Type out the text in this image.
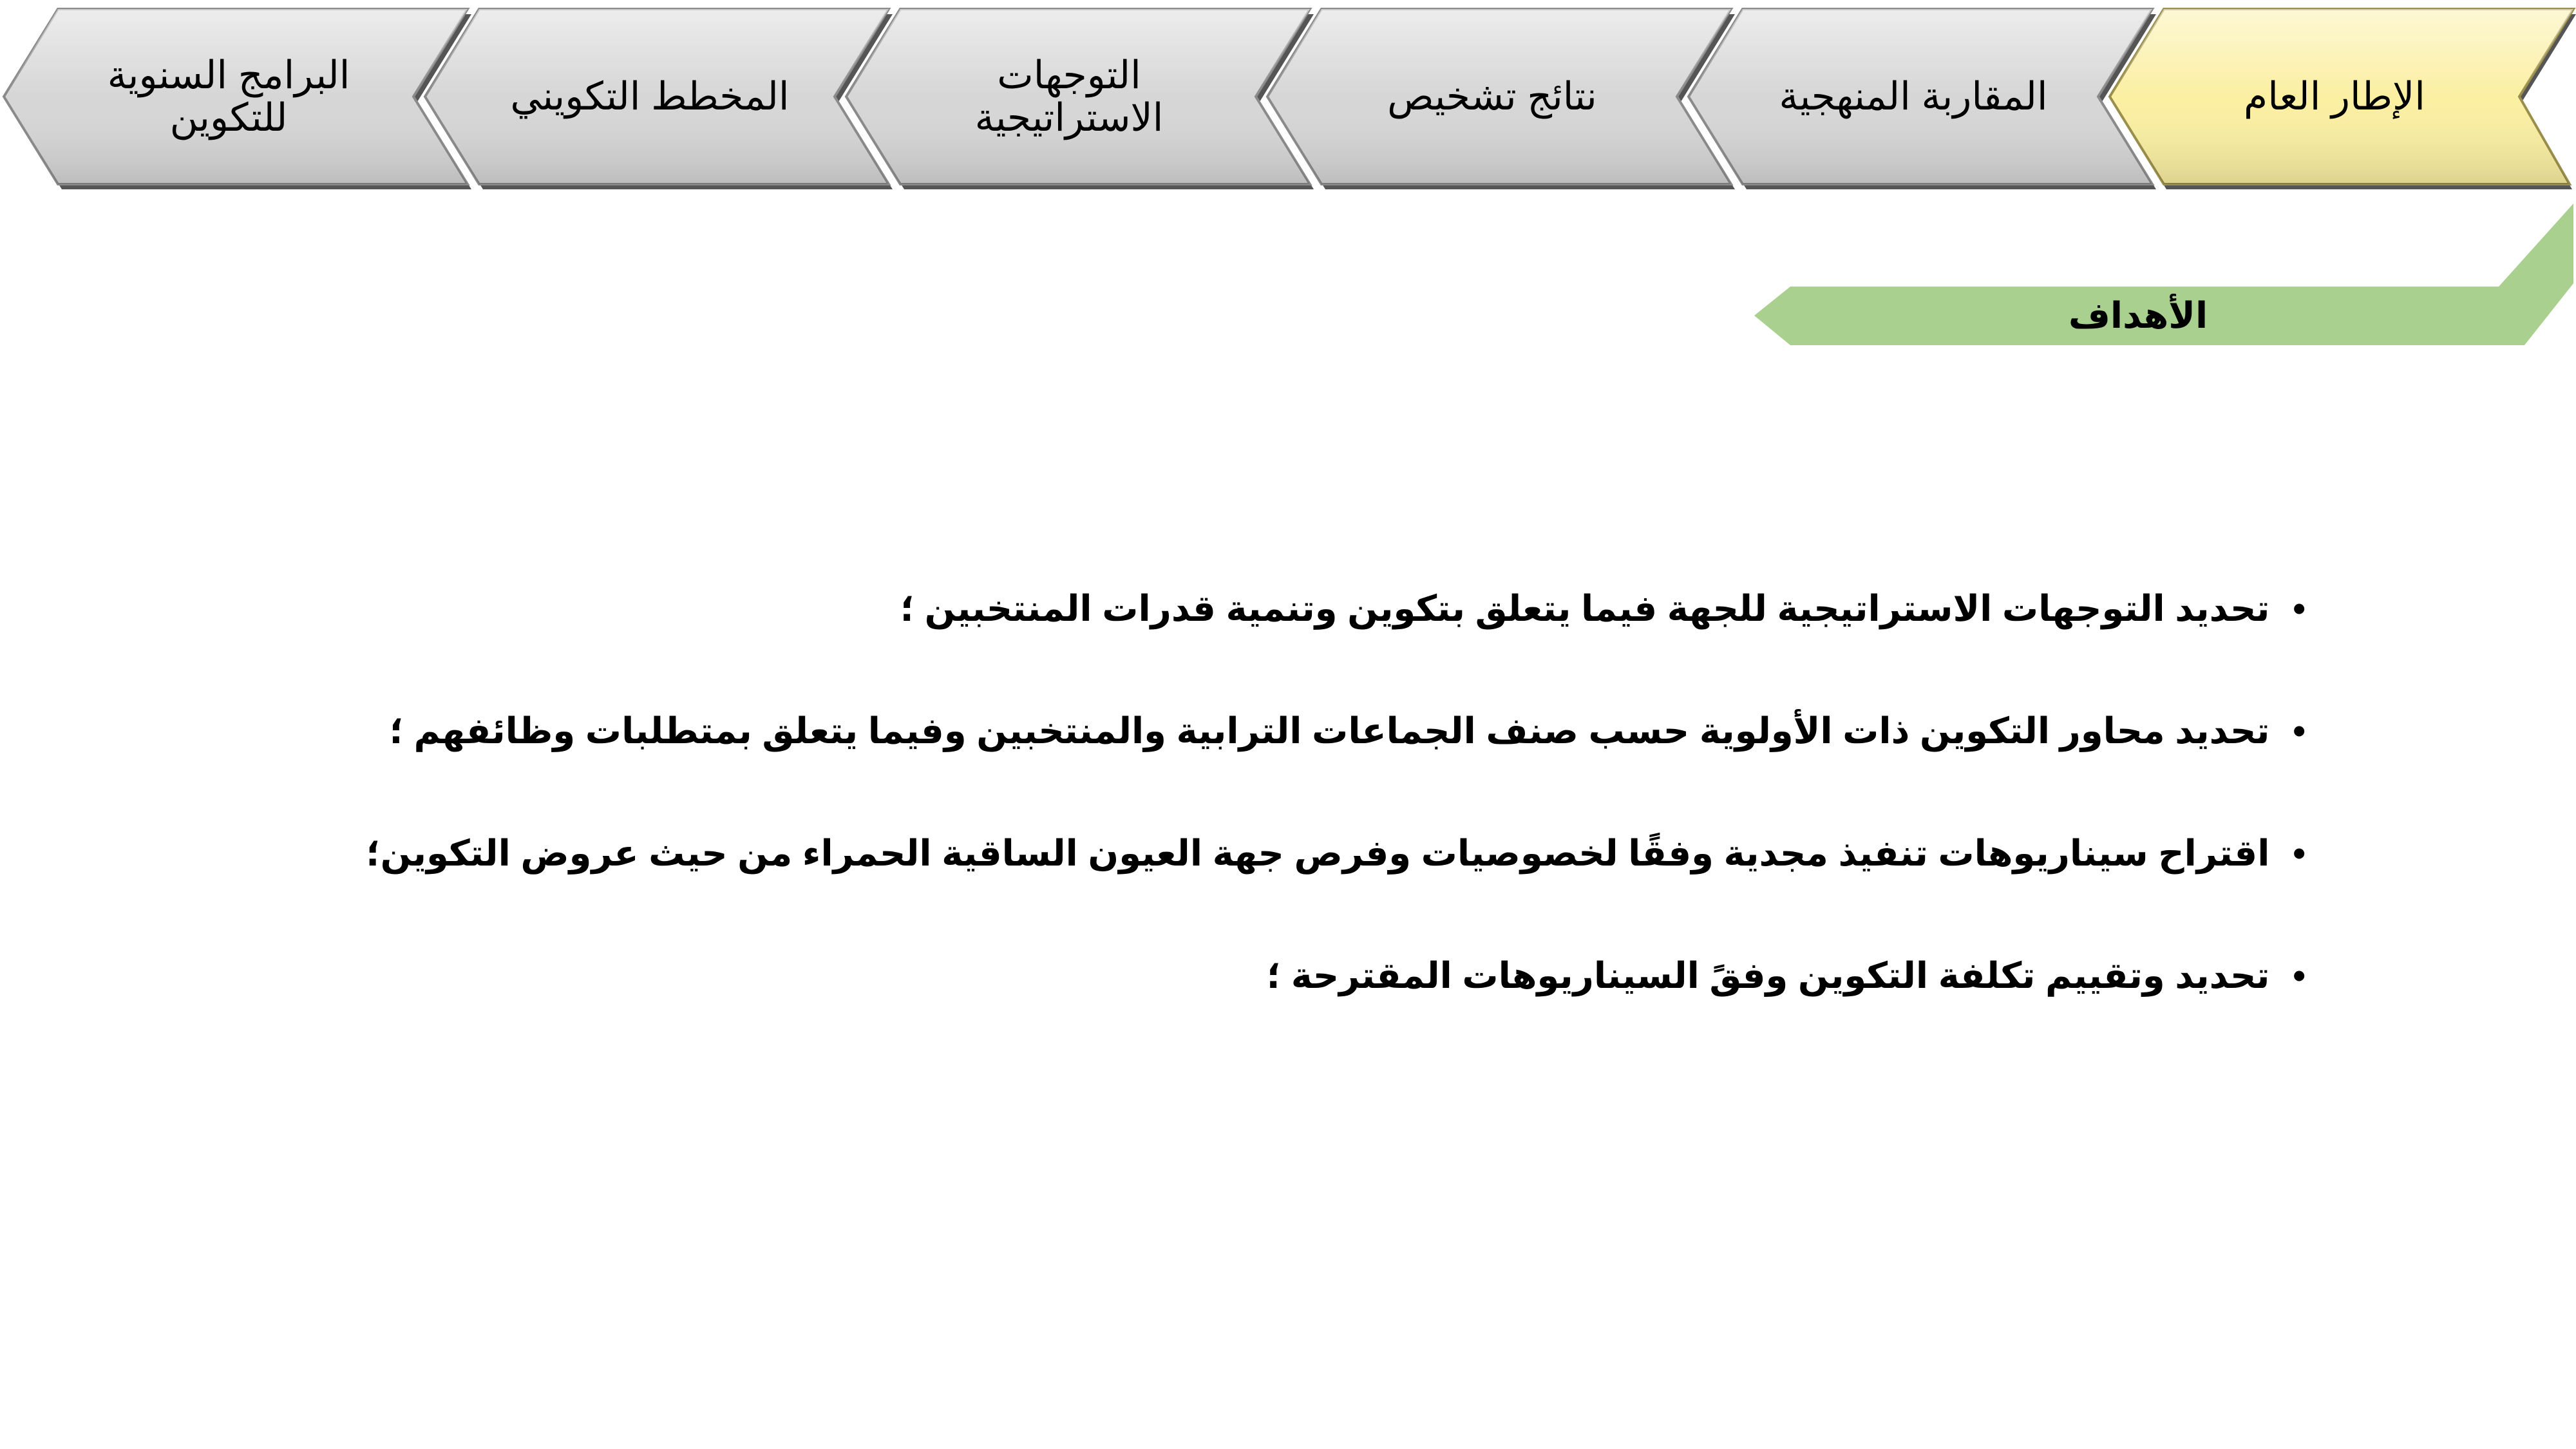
البرامج السنوية للتكوين	المخطط التكويني	التوجهات الاستراتيجية	نتائج تشخيص	المقاربة المنهجية	الإطار العام
الأهداف
•
تحديد التوجهات الاستراتيجية للجهة فيما يتعلق بتكوين وتنمية قدرات المنتخبين ؛
•
تحديد محاور التكوين ذات الأولوية حسب صنف الجماعات الترابية والمنتخبين وفيما يتعلق بمتطلبات وظائفهم ؛
•
اقتراح سيناريوهات تنفيذ مجدية وفقًا لخصوصيات وفرص جهة العيون الساقية الحمراء من حيث عروض التكوين؛
•
تحديد وتقييم تكلفة التكوين وفقً السيناريوهات المقترحة ؛
